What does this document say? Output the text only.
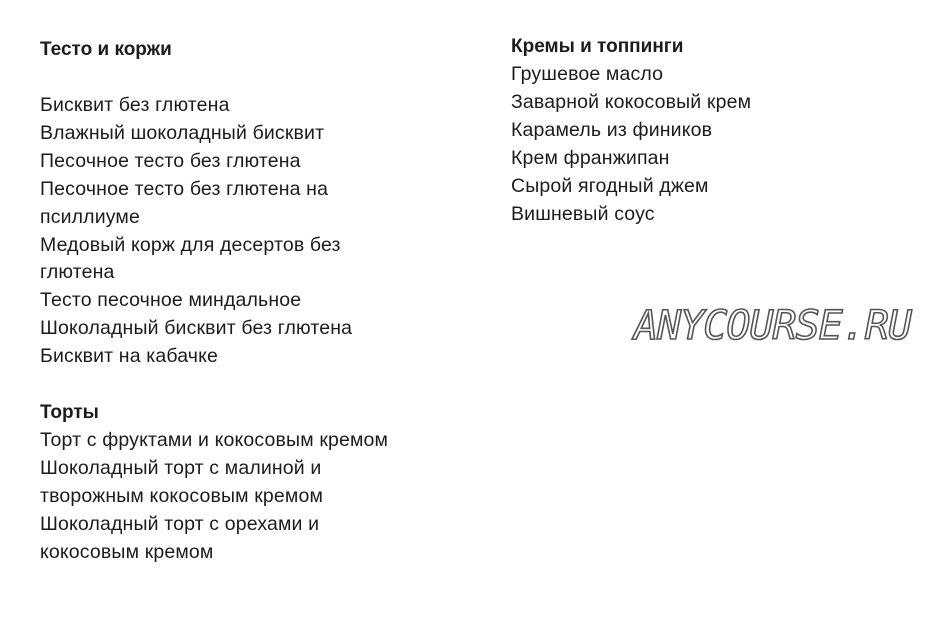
Тесто и коржи
Бисквит без глютена
Влажный шоколадный бисквит
Песочное тесто без глютена
Песочное тесто без глютена на
псиллиуме
Медовый корж для десертов без
глютена
Тесто песочное миндальное
Шоколадный бисквит без глютена
Бисквит на кабачке
Торты
Торт с фруктами и кокосовым кремом
Шоколадный торт с малиной и
творожным кокосовым кремом
Шоколадный торт с орехами и
кокосовым кремом
Кремы и топпинги
Грушевое масло
Заварной кокосовый крем
Карамель из фиников
Крем франжипан
Сырой ягодный джем
Вишневый соус
ANYCOURSE.RU
